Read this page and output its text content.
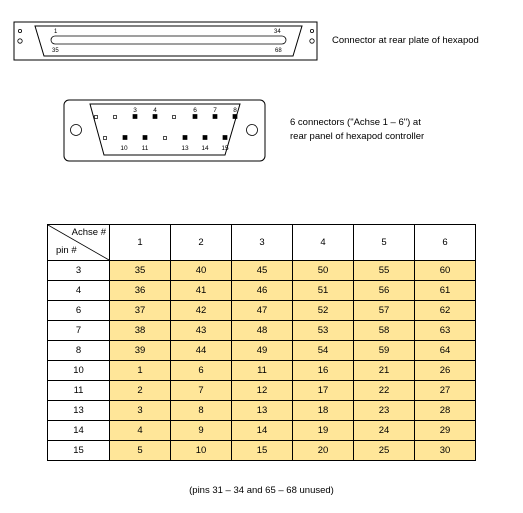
1	34
35	68
Connector at rear plate of hexapod
3	4	6	7	8
10 11	13 14 15
6 connectors ("Achse 1 – 6") at
rear panel of hexapod controller
Achse #
pin #	1	2	3	4	5	6
3	35	40	45	50	55	60
4	36	41	46	51	56	61
6	37	42	47	52	57	62
7	38	43	48	53	58	63
8	39	44	49	54	59	64
10	1	6	11	16	21	26
11	2	7	12	17	22	27
13	3	8	13	18	23	28
14	4	9	14	19	24	29
15	5	10	15	20	25	30
(pins 31 – 34 and 65 – 68 unused)
